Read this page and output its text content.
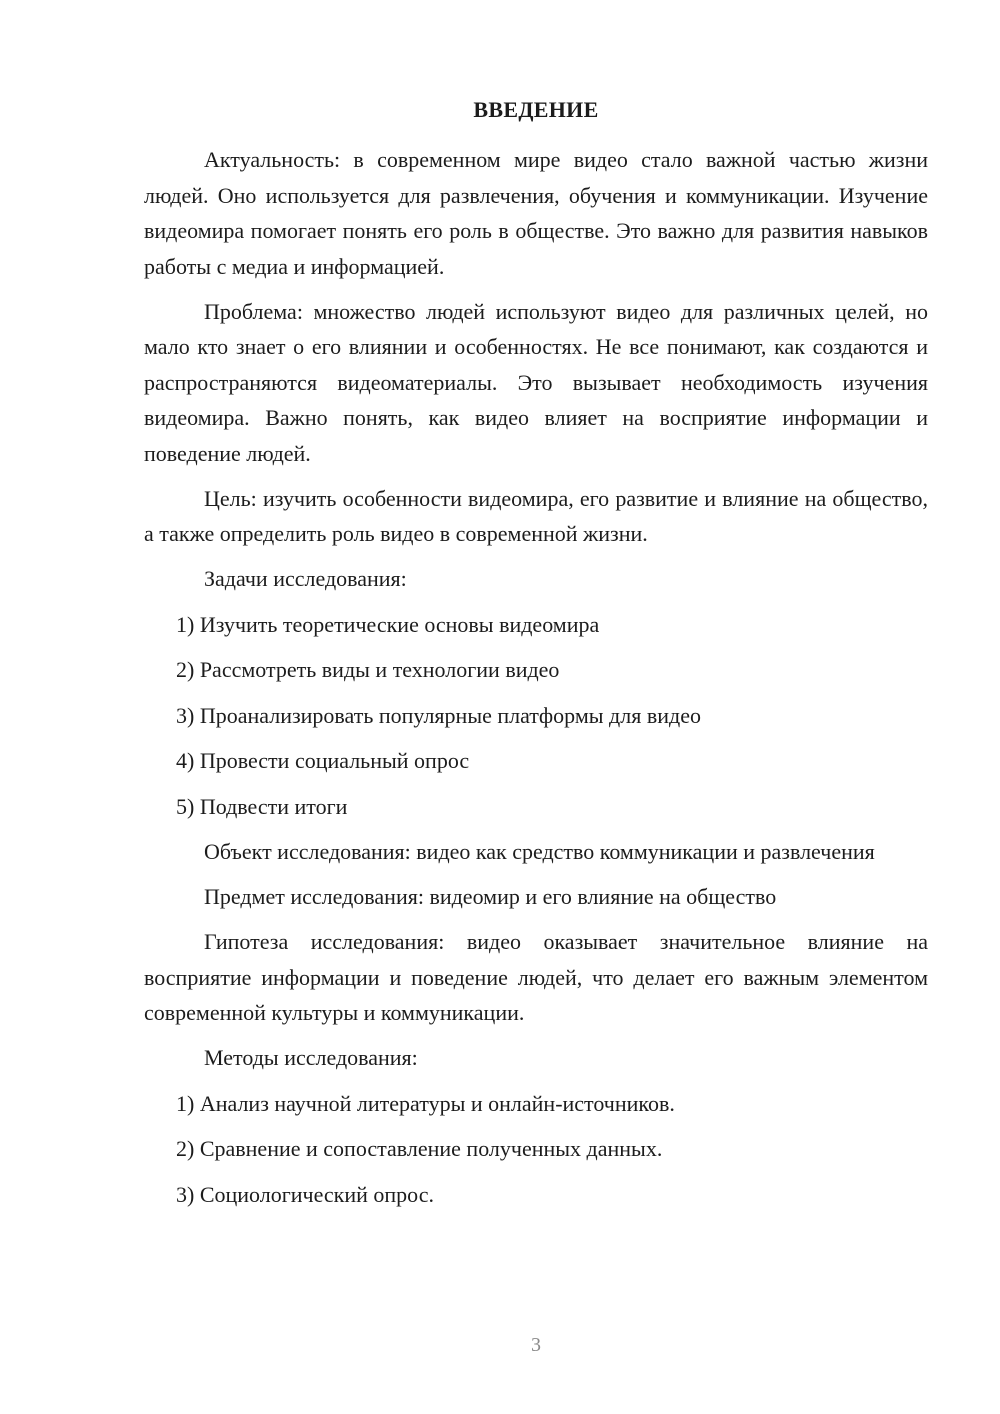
ВВЕДЕНИЕ

Актуальность: в современном мире видео стало важной частью жизни людей. Оно используется для развлечения, обучения и коммуникации. Изучение видеомира помогает понять его роль в обществе. Это важно для развития навыков работы с медиа и информацией.

Проблема: множество людей используют видео для различных целей, но мало кто знает о его влиянии и особенностях. Не все понимают, как создаются и распространяются видеоматериалы. Это вызывает необходимость изучения видеомира. Важно понять, как видео влияет на восприятие информации и поведение людей.

Цель: изучить особенности видеомира, его развитие и влияние на общество, а также определить роль видео в современной жизни.

Задачи исследования:

1) Изучить теоретические основы видеомира

2) Рассмотреть виды и технологии видео

3) Проанализировать популярные платформы для видео

4) Провести социальный опрос

5) Подвести итоги

Объект исследования: видео как средство коммуникации и развлечения

Предмет исследования: видеомир и его влияние на общество

Гипотеза исследования: видео оказывает значительное влияние на восприятие информации и поведение людей, что делает его важным элементом современной культуры и коммуникации.

Методы исследования:

1) Анализ научной литературы и онлайн-источников.

2) Сравнение и сопоставление полученных данных.

3) Социологический опрос.

3
